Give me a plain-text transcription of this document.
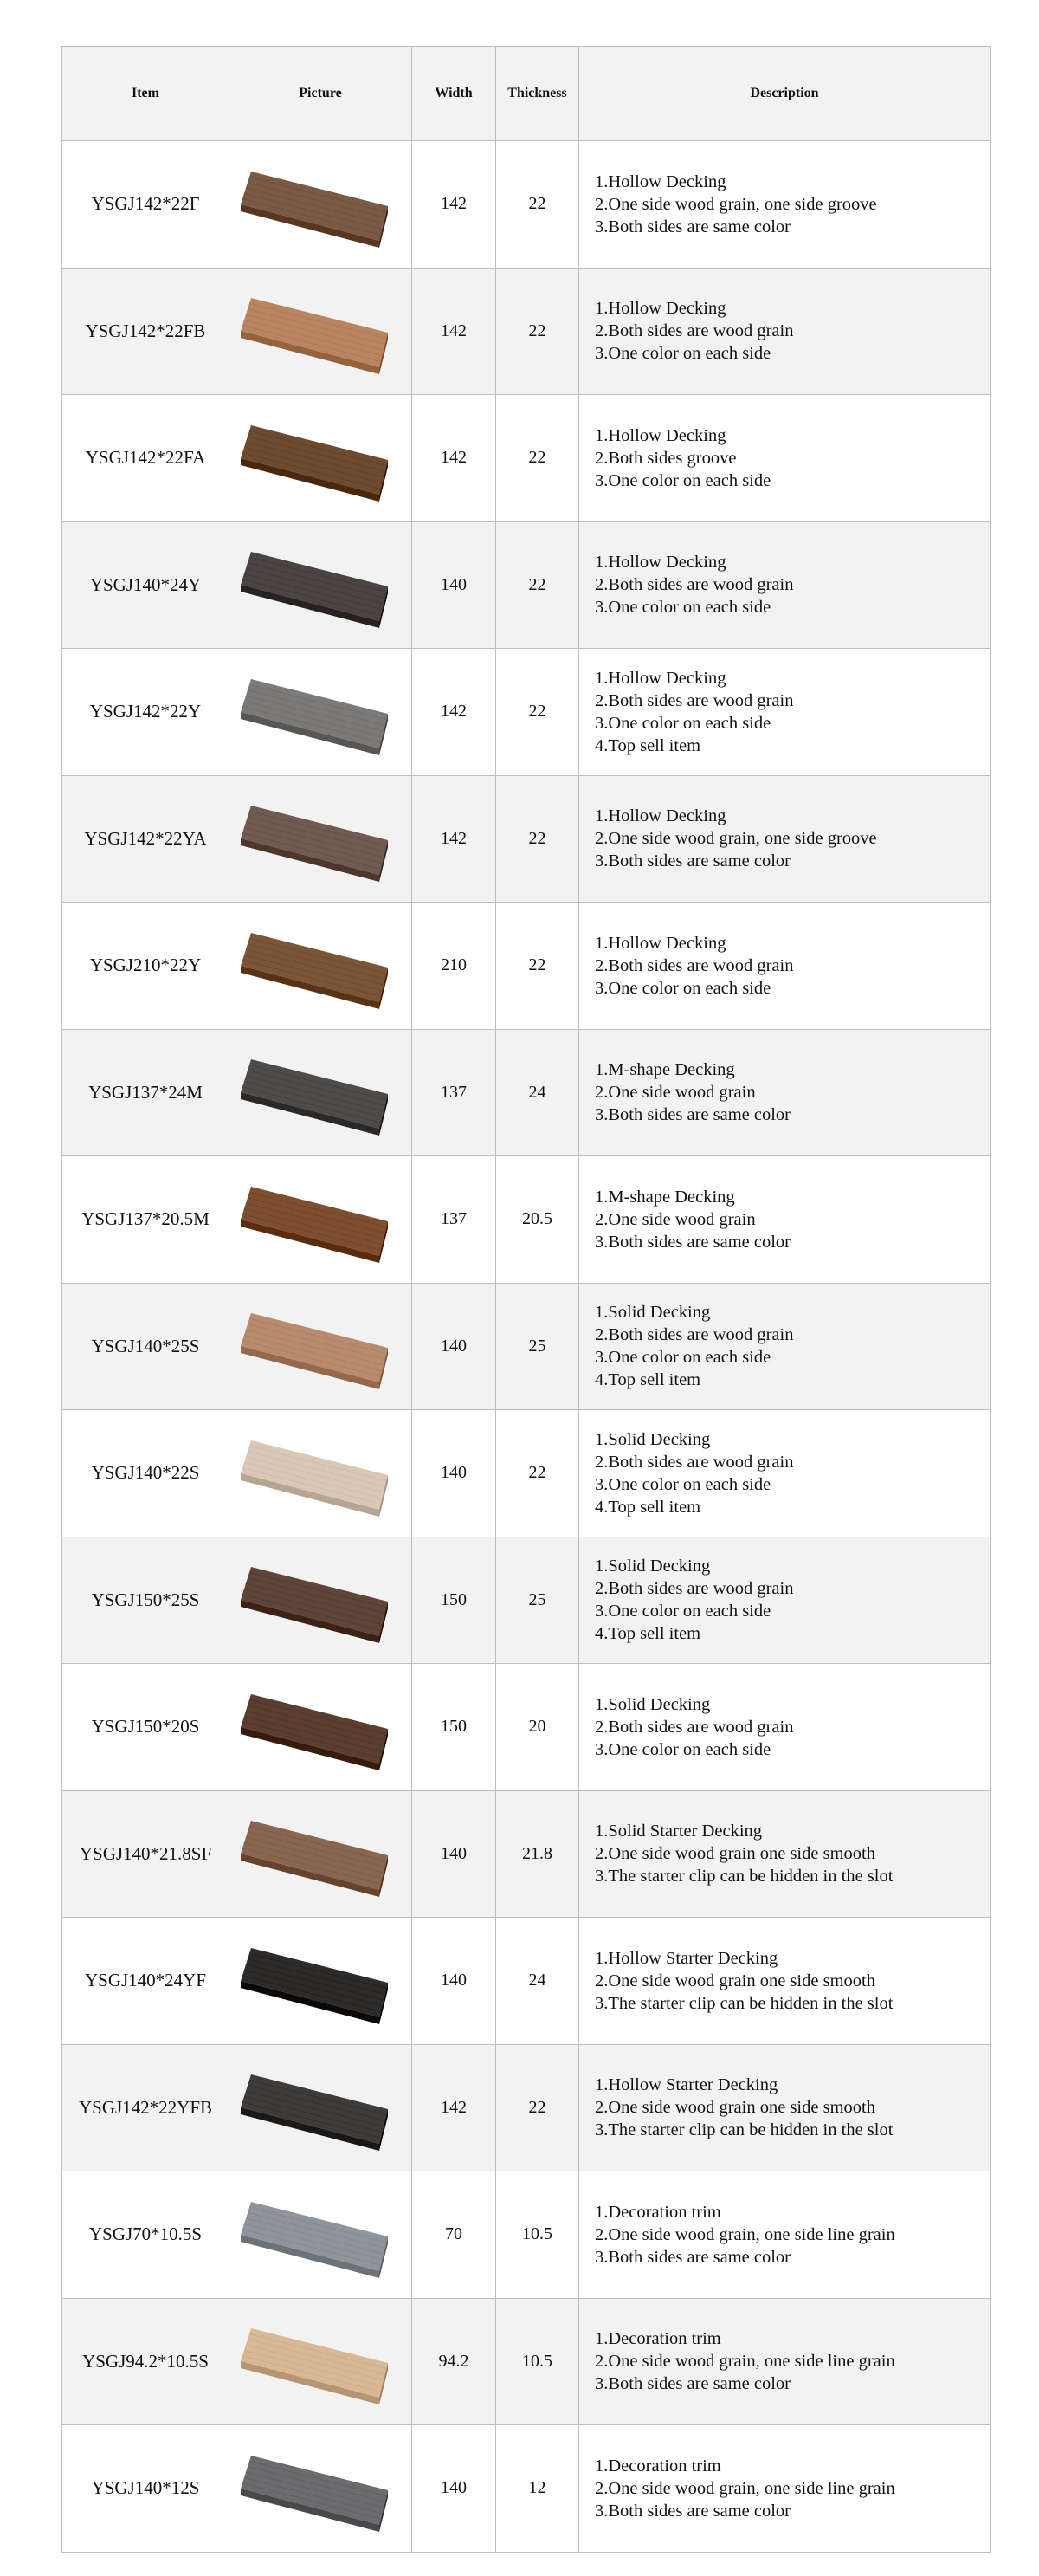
Item	Picture	Width	Thickness	Description
YSGJ142*22F		142	22	1.Hollow Decking
2.One side wood grain, one side groove
3.Both sides are same color

YSGJ142*22FB		142	22	1.Hollow Decking
2.Both sides are wood grain
3.One color on each side

YSGJ142*22FA		142	22	1.Hollow Decking
2.Both sides groove
3.One color on each side

YSGJ140*24Y		140	22	1.Hollow Decking
2.Both sides are wood grain
3.One color on each side

YSGJ142*22Y		142	22	1.Hollow Decking
2.Both sides are wood grain
3.One color on each side
4.Top sell item

YSGJ142*22YA		142	22	1.Hollow Decking
2.One side wood grain, one side groove
3.Both sides are same color

YSGJ210*22Y		210	22	1.Hollow Decking
2.Both sides are wood grain
3.One color on each side

YSGJ137*24M		137	24	1.M-shape Decking
2.One side wood grain
3.Both sides are same color

YSGJ137*20.5M		137	20.5	1.M-shape Decking
2.One side wood grain
3.Both sides are same color

YSGJ140*25S		140	25	1.Solid Decking
2.Both sides are wood grain
3.One color on each side
4.Top sell item

YSGJ140*22S		140	22	1.Solid Decking
2.Both sides are wood grain
3.One color on each side
4.Top sell item

YSGJ150*25S		150	25	1.Solid Decking
2.Both sides are wood grain
3.One color on each side
4.Top sell item

YSGJ150*20S		150	20	1.Solid Decking
2.Both sides are wood grain
3.One color on each side

YSGJ140*21.8SF		140	21.8	1.Solid Starter Decking
2.One side wood grain one side smooth
3.The starter clip can be hidden in the slot

YSGJ140*24YF		140	24	1.Hollow Starter Decking
2.One side wood grain one side smooth
3.The starter clip can be hidden in the slot

YSGJ142*22YFB		142	22	1.Hollow Starter Decking
2.One side wood grain one side smooth
3.The starter clip can be hidden in the slot

YSGJ70*10.5S		70	10.5	1.Decoration trim
2.One side wood grain, one side line grain
3.Both sides are same color

YSGJ94.2*10.5S		94.2	10.5	1.Decoration trim
2.One side wood grain, one side line grain
3.Both sides are same color

YSGJ140*12S		140	12	1.Decoration trim
2.One side wood grain, one side line grain
3.Both sides are same color
